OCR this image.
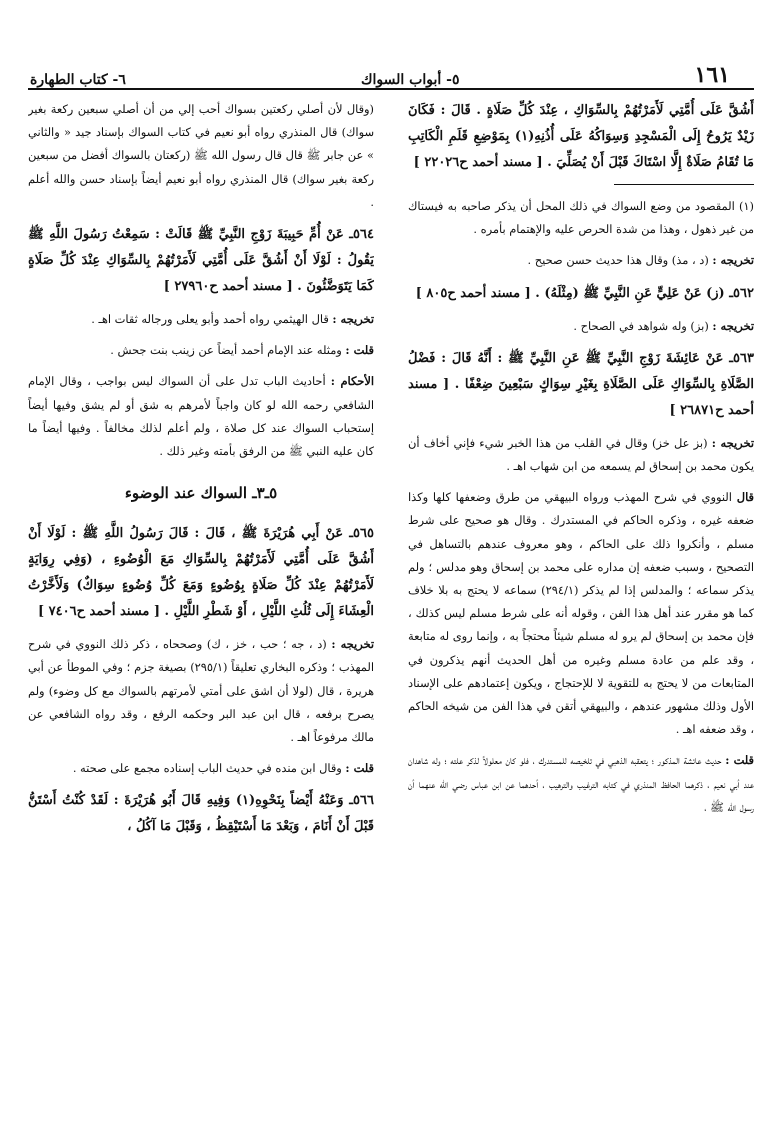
١٦١
٥- أبواب السواك
٦- كتاب الطهارة

أَشُقَّ عَلَى أُمَّتِي لَأَمَرْتُهُمْ بِالسِّوَاكِ ، عِنْدَ كُلِّ صَلَاةٍ . قَالَ : فَكَانَ زَيْدٌ يَرُوحُ إِلَى الْمَسْجِدِ وَسِوَاكُهُ عَلَى أُذُنِهِ(١) بِمَوْضِعِ قَلَمِ الْكَاتِبِ مَا تُقَامُ صَلَاةٌ إِلَّا اسْتَاكَ قَبْلَ أَنْ يُصَلِّيَ . [ مسند أحمد ح٢٢٠٢٦ ]

(١) المقصود من وضع السواك في ذلك المحل أن يذكر صاحبه به فيستاك من غير ذهول ، وهذا من شدة الحرص عليه والإهتمام بأمره .

تخريجه : (د ، مذ) وقال هذا حديث حسن صحيح .

٥٦٢ـ (ز) عَنْ عَلِيٍّ عَنِ النَّبِيِّ ﷺ (مِثْلَهُ) . [ مسند أحمد ح٨٠٥ ]

تخريجه : (بز) وله شواهد في الصحاح .

٥٦٣ـ عَنْ عَائِشَةَ زَوْجِ النَّبِيِّ ﷺ عَنِ النَّبِيِّ ﷺ : أَنَّهُ قَالَ : فَضْلُ الصَّلَاةِ بِالسِّوَاكِ عَلَى الصَّلَاةِ بِغَيْرِ سِوَاكٍ سَبْعِينَ ضِعْفًا . [ مسند أحمد ح٢٦٨٧١ ]

تخريجه : (بز عل خز) وقال في القلب من هذا الخبر شيء فإني أخاف أن يكون محمد بن إسحاق لم يسمعه من ابن شهاب اهـ .

قال النووي في شرح المهذب ورواه البيهقي من طرق وضعفها كلها وكذا ضعفه غيره ، وذكره الحاكم في المستدرك . وقال هو صحيح على شرط مسلم ، وأنكروا ذلك على الحاكم ، وهو معروف عندهم بالتساهل في التصحيح ، وسبب ضعفه إن مداره على محمد بن إسحاق وهو مدلس ؛ ولم يذكر سماعه ؛ والمدلس إذا لم يذكر (٢٩٤/١) سماعه لا يحتج به بلا خلاف كما هو مقرر عند أهل هذا الفن ، وقوله أنه على شرط مسلم ليس كذلك ، فإن محمد بن إسحاق لم يرو له مسلم شيئاً محتجاً به ، وإنما روى له متابعة ، وقد علم من عادة مسلم وغيره من أهل الحديث أنهم يذكرون في المتابعات من لا يحتج به للتقوية لا للإحتجاج ، ويكون إعتمادهم على الإسناد الأول وذلك مشهور عندهم ، والبيهقي أتقن في هذا الفن من شيخه الحاكم ، وقد ضعفه اهـ .

قلت : حديث عائشة المذكور ؛ يتعقبه الذهبي في تلخيصه للمستدرك ، فلو كان معلولاً لذكر علته ؛ وله شاهدان عند أبي نعيم ، ذكرهما الحافظ المنذري في كتابه الترغيب والترهيب ، أحدهما عن ابن عباس رضي الله عنهما أن رسول الله ﷺ ،

(وقال لأن أصلي ركعتين بسواك أحب إلي من أن أصلي سبعين ركعة بغير سواك) قال المنذري رواه أبو نعيم في كتاب السواك بإسناد جيد « والثاني » عن جابر ﷺ قال قال رسول الله ﷺ (ركعتان بالسواك أفضل من سبعين ركعة بغير سواك) قال المنذري رواه أبو نعيم أيضاً بإسناد حسن والله أعلم .

٥٦٤ـ عَنْ أُمِّ حَبِيبَةَ زَوْجِ النَّبِيِّ ﷺ قَالَتْ : سَمِعْتُ رَسُولَ اللَّهِ ﷺ يَقُولُ : لَوْلَا أَنْ أَشُقَّ عَلَى أُمَّتِي لَأَمَرْتُهُمْ بِالسِّوَاكِ عِنْدَ كُلِّ صَلَاةٍ كَمَا يَتَوَضَّئُونَ . [ مسند أحمد ح٢٧٩٦٠ ]

تخريجه : قال الهيثمي رواه أحمد وأبو يعلى ورجاله ثقات اهـ .

قلت : ومثله عند الإمام أحمد أيضاً عن زينب بنت جحش .

الأحكام : أحاديث الباب تدل على أن السواك ليس بواجب ، وقال الإمام الشافعي رحمه الله لو كان واجباً لأمرهم به شق أو لم يشق وفيها أيضاً إستحباب السواك عند كل صلاة ، ولم أعلم لذلك مخالفاً . وفيها أيضاً ما كان عليه النبي ﷺ من الرفق بأمته وغير ذلك .

٥ـ٣ـ السواك عند الوضوء

٥٦٥ـ عَنْ أَبِي هُرَيْرَةَ ﷺ ، قَالَ : قَالَ رَسُولُ اللَّهِ ﷺ : لَوْلَا أَنْ أَشُقَّ عَلَى أُمَّتِي لَأَمَرْتُهُمْ بِالسِّوَاكِ مَعَ الْوُضُوءِ ، (وَفِي رِوَايَةٍ لَأَمَرْتُهُمْ عِنْدَ كُلِّ صَلَاةٍ بِوُضُوءٍ وَمَعَ كُلِّ وُضُوءٍ سِوَاكٌ) وَلَأَخَّرْتُ الْعِشَاءَ إِلَى ثُلُثِ اللَّيْلِ ، أَوْ شَطْرِ اللَّيْلِ . [ مسند أحمد ح٧٤٠٦ ]

تخريجه : (د ، جه ؛ حب ، خز ، ك) وصححاه ، ذكر ذلك النووي في شرح المهذب ؛ وذكره البخاري تعليقاً (٢٩٥/١) بصيغة جزم ؛ وفي الموطأ عن أبي هريرة ، قال (لولا أن اشق على أمتي لأمرتهم بالسواك مع كل وضوء) ولم يصرح برفعه ، قال ابن عبد البر وحكمه الرفع ، وقد رواه الشافعي عن مالك مرفوعاً اهـ .

قلت : وقال ابن منده في حديث الباب إسناده مجمع على صحته .

٥٦٦ـ وَعَنْهُ أَيْضاً بِنَحْوِهِ(١) وَفِيهِ قَالَ أَبُو هُرَيْرَةَ : لَقَدْ كُنْتُ أَسْتَنُّ قَبْلَ أَنْ أَنَامَ ، وَبَعْدَ مَا أَسْتَيْقِظُ ، وَقَبْلَ مَا آكُلُ ،
